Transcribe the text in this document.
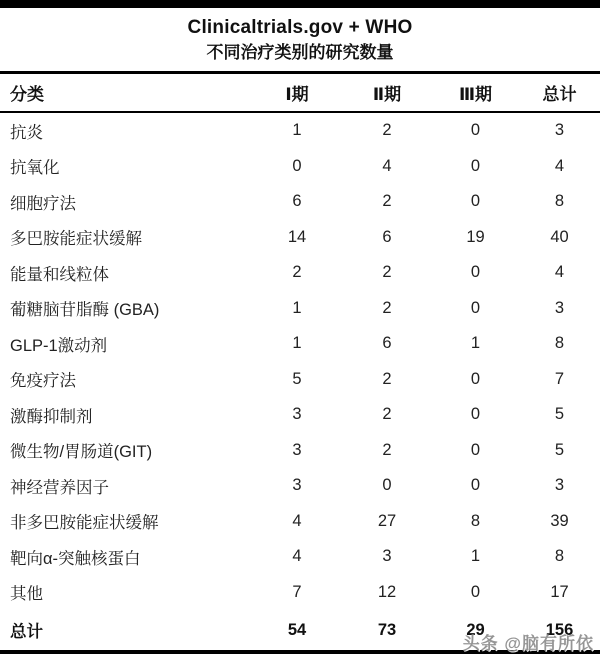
Clinicaltrials.gov + WHO
不同治疗类别的研究数量
分类	Ⅰ期	Ⅱ期	Ⅲ期	总计
抗炎	1	2	0	3
抗氧化	0	4	0	4
细胞疗法	6	2	0	8
多巴胺能症状缓解	14	6	19	40
能量和线粒体	2	2	0	4
葡糖脑苷脂酶 (GBA)	1	2	0	3
GLP-1激动剂	1	6	1	8
免疫疗法	5	2	0	7
激酶抑制剂	3	2	0	5
微生物/胃肠道(GIT)	3	2	0	5
神经营养因子	3	0	0	3
非多巴胺能症状缓解	4	27	8	39
靶向α-突触核蛋白	4	3	1	8
其他	7	12	0	17
总计	54	73	29	156
头条 @脑有所依
